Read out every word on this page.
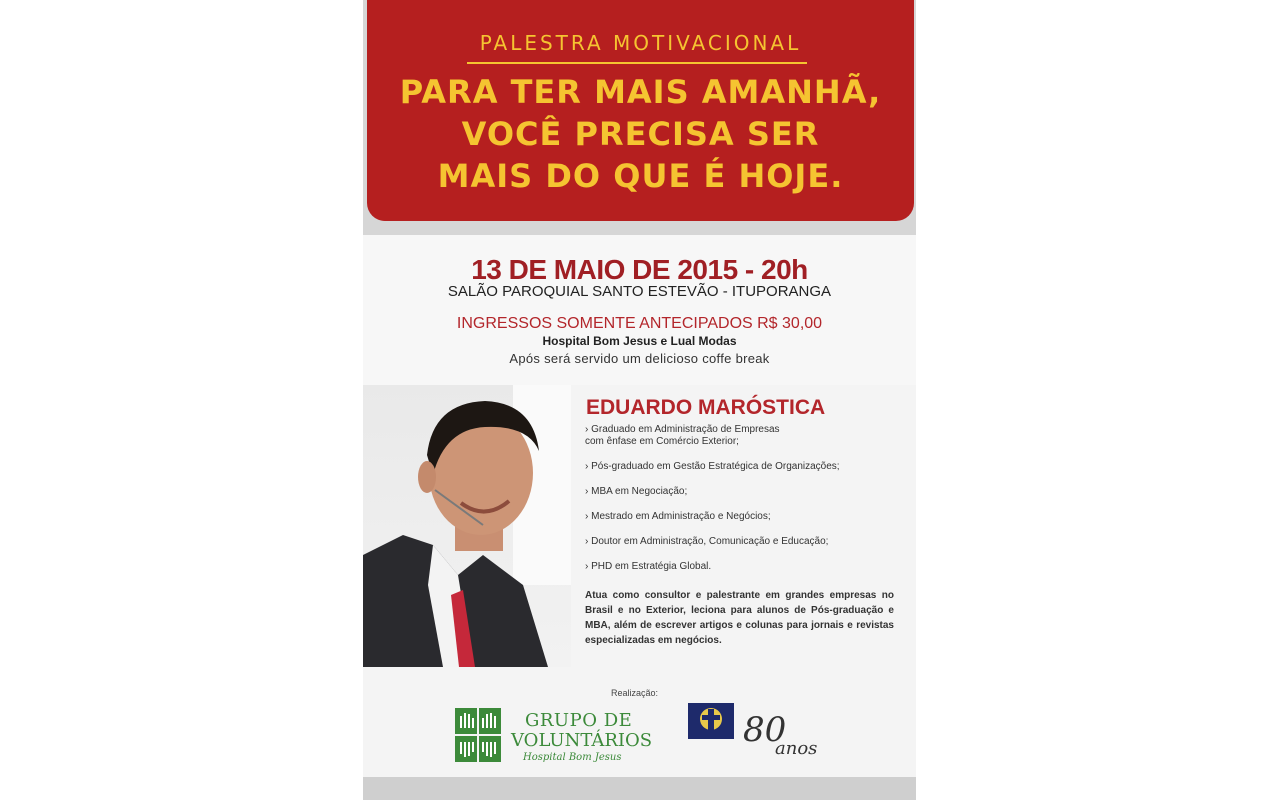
PALESTRA MOTIVACIONAL
PARA TER MAIS AMANHÃ,
VOCÊ PRECISA SER
MAIS DO QUE É HOJE.
13 DE MAIO DE 2015 - 20h
SALÃO PAROQUIAL SANTO ESTEVÃO - ITUPORANGA
INGRESSOS SOMENTE ANTECIPADOS R$ 30,00
Hospital Bom Jesus e Lual Modas
Após será servido um delicioso coffe break
EDUARDO MARÓSTICA
› Graduado em Administração de Empresas
com ênfase em Comércio Exterior;
› Pós-graduado em Gestão Estratégica de Organizações;
› MBA em Negociação;
› Mestrado em Administração e Negócios;
› Doutor em Administração, Comunicação e Educação;
› PHD em Estratégia Global.
Atua como consultor e palestrante em grandes empresas no Brasil e no Exterior, leciona para alunos de Pós-graduação e MBA, além de escrever artigos e colunas para jornais e revistas especializadas em negócios.
Realização:
GRUPO DE
VOLUNTÁRIOS
Hospital Bom Jesus
80
anos
